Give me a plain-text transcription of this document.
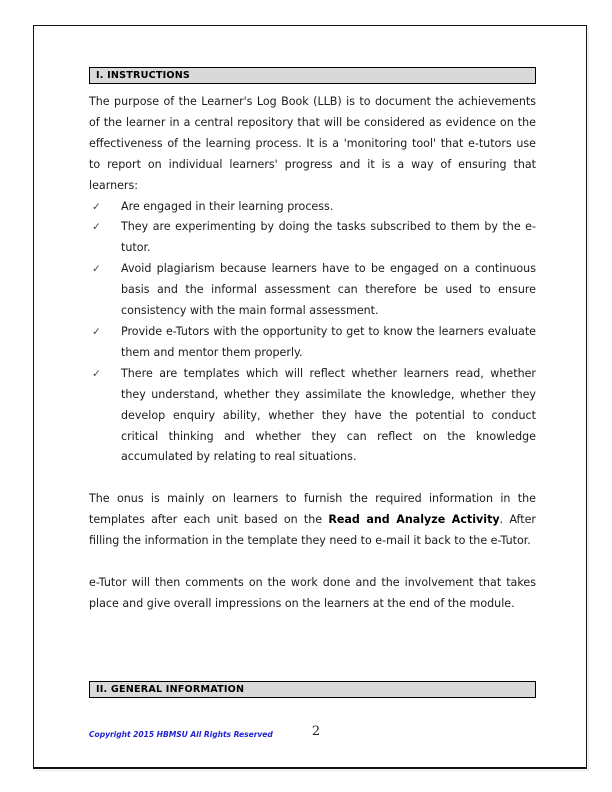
I. INSTRUCTIONS

The purpose of the Learner's Log Book (LLB) is to document the achievements of the learner in a central repository that will be considered as evidence on the effectiveness of the learning process. It is a 'monitoring tool' that e-tutors use to report on individual learners' progress and it is a way of ensuring that learners:

✓	Are engaged in their learning process.

✓	They are experimenting by doing the tasks subscribed to them by the e-tutor.

✓	Avoid plagiarism because learners have to be engaged on a continuous basis and the informal assessment can therefore be used to ensure consistency with the main formal assessment.

✓	Provide e-Tutors with the opportunity to get to know the learners evaluate them and mentor them properly.

✓	There are templates which will reflect whether learners read, whether they understand, whether they assimilate the knowledge, whether they develop enquiry ability, whether they have the potential to conduct critical thinking and whether they can reflect on the knowledge accumulated by relating to real situations.

The onus is mainly on learners to furnish the required information in the templates after each unit based on the Read and Analyze Activity. After filling the information in the template they need to e-mail it back to the e-Tutor.

e-Tutor will then comments on the work done and the involvement that takes place and give overall impressions on the learners at the end of the module.

II. GENERAL INFORMATION
Copyright 2015 HBMSU All Rights Reserved	2
